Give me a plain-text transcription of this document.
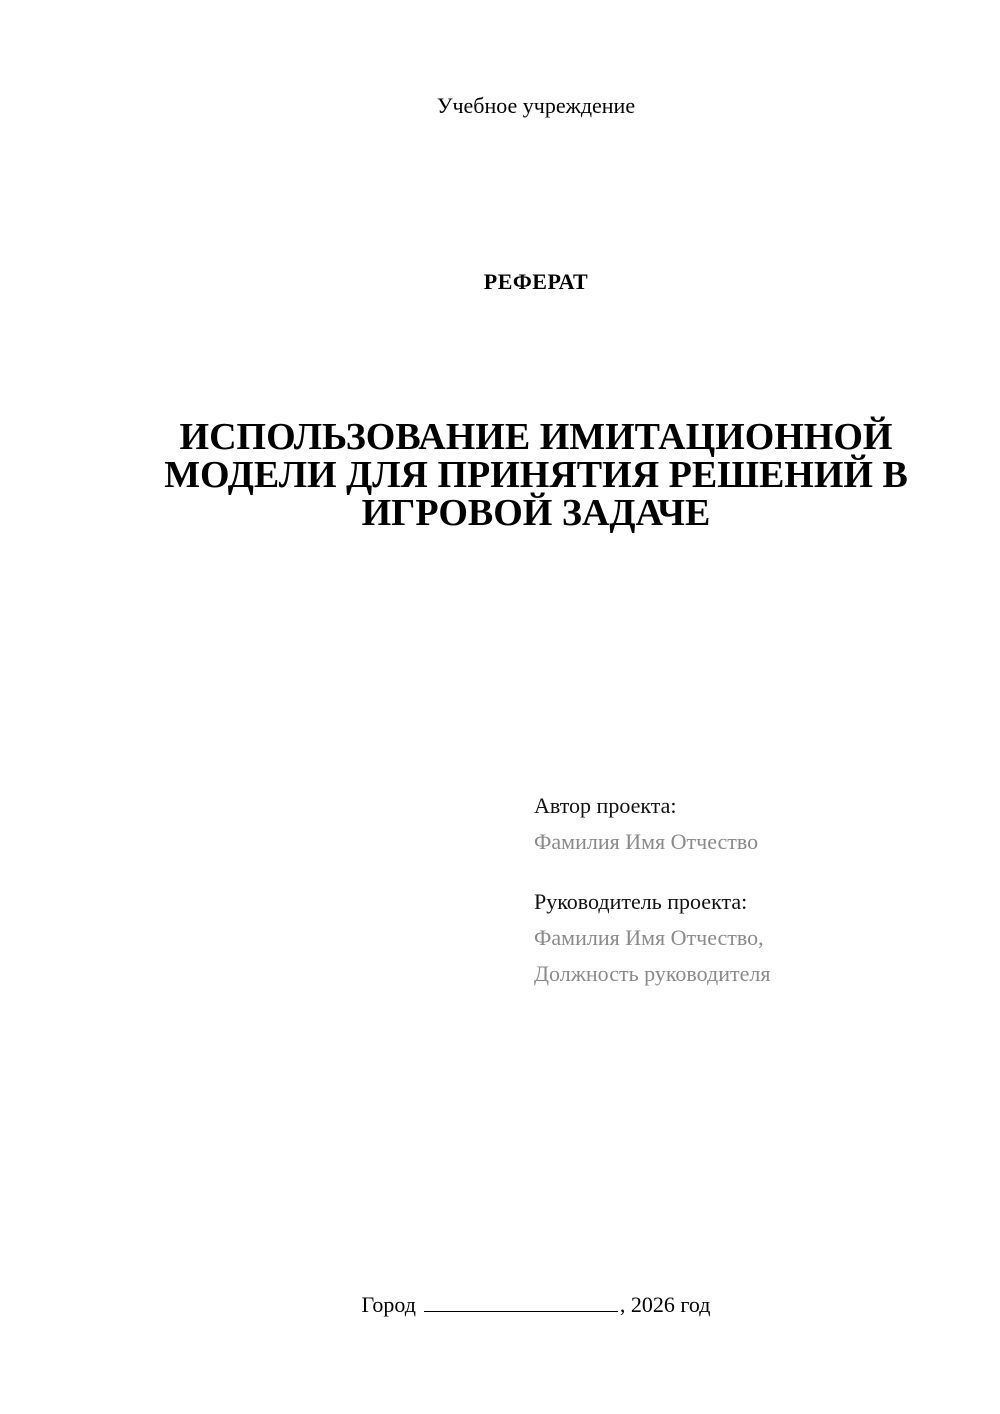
Учебное учреждение
РЕФЕРАТ
ИСПОЛЬЗОВАНИЕ ИМИТАЦИОННОЙ
МОДЕЛИ ДЛЯ ПРИНЯТИЯ РЕШЕНИЙ В
ИГРОВОЙ ЗАДАЧЕ
Автор проекта:
Фамилия Имя Отчество
Руководитель проекта:
Фамилия Имя Отчество,
Должность руководителя
Город	, 2026 год
